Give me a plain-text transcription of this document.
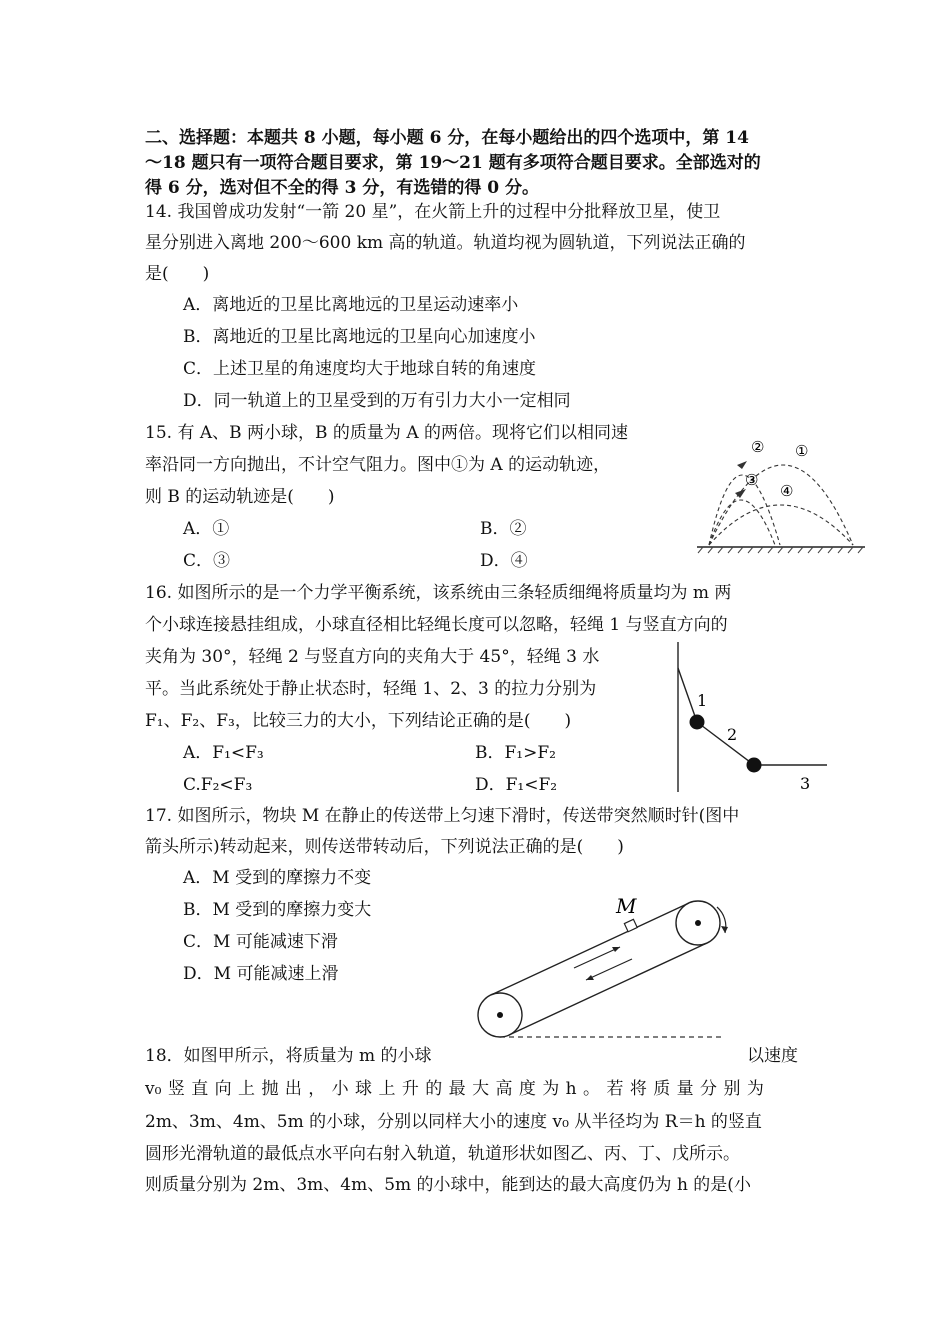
二、选择题：本题共 8 小题，每小题 6 分，在每小题给出的四个选项中，第 14
～18 题只有一项符合题目要求，第 19～21 题有多项符合题目要求。全部选对的
得 6 分，选对但不全的得 3 分，有选错的得 0 分。
14. 我国曾成功发射“一箭 20 星”，在火箭上升的过程中分批释放卫星，使卫
星分别进入离地 200～600 km 高的轨道。轨道均视为圆轨道，下列说法正确的
是(　　)
A．离地近的卫星比离地远的卫星运动速率小
B．离地近的卫星比离地远的卫星向心加速度小
C．上述卫星的角速度均大于地球自转的角速度
D．同一轨道上的卫星受到的万有引力大小一定相同
15. 有 A、B 两小球，B 的质量为 A 的两倍。现将它们以相同速
率沿同一方向抛出，不计空气阻力。图中①为 A 的运动轨迹，
则 B 的运动轨迹是(　　)
A．①	B．②
C．③	D．④
② ①
③
④
16. 如图所示的是一个力学平衡系统，该系统由三条轻质细绳将质量均为 m 两
个小球连接悬挂组成，小球直径相比轻绳长度可以忽略，轻绳 1 与竖直方向的
夹角为 30°，轻绳 2 与竖直方向的夹角大于 45°，轻绳 3 水
平。当此系统处于静止状态时，轻绳 1、2、3 的拉力分别为
F₁、F₂、F₃，比较三力的大小，下列结论正确的是(　　)
A．F₁<F₃	B．F₁>F₂
C.F₂<F₃	D．F₁<F₂
1
2
3
17. 如图所示，物块 M 在静止的传送带上匀速下滑时，传送带突然顺时针(图中
箭头所示)转动起来，则传送带转动后，下列说法正确的是(　　)
A．M 受到的摩擦力不变
B．M 受到的摩擦力变大
C．M 可能减速下滑
D．M 可能减速上滑
M
18．如图甲所示，将质量为 m 的小球	以速度
v₀ 竖 直 向 上 抛 出 ， 小 球 上 升 的 最 大 高 度 为 h 。 若 将 质 量 分 别 为
2m、3m、4m、5m 的小球，分别以同样大小的速度 v₀ 从半径均为 R＝h 的竖直
圆形光滑轨道的最低点水平向右射入轨道，轨道形状如图乙、丙、丁、戊所示。
则质量分别为 2m、3m、4m、5m 的小球中，能到达的最大高度仍为 h 的是(小
